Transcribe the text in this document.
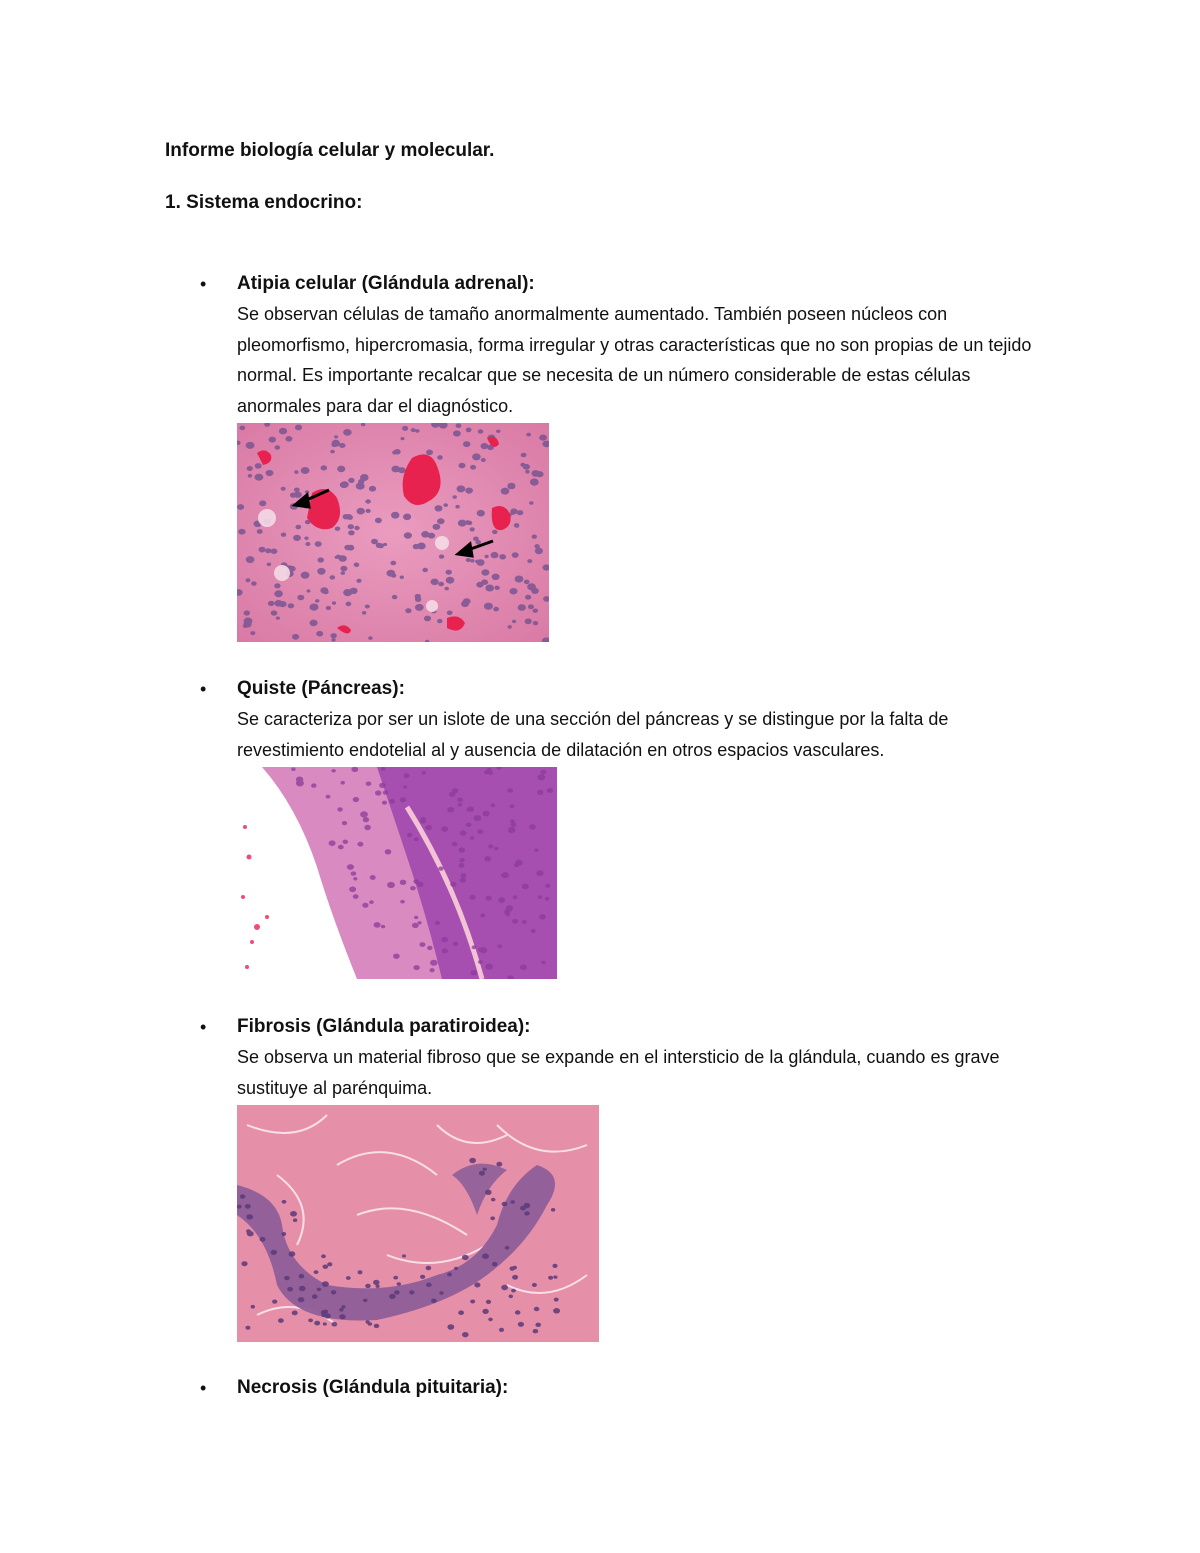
Informe biología celular y molecular.
1. Sistema endocrino:
•	Atipia celular (Glándula adrenal):

Se observan células de tamaño anormalmente aumentado. También poseen núcleos con pleomorfismo, hipercromasia, forma irregular y otras características que no son propias de un tejido normal. Es importante recalcar que se necesita de un número considerable de estas células anormales para dar el diagnóstico.

•	Quiste (Páncreas):

Se caracteriza por ser un islote de una sección del páncreas y se distingue por la falta de revestimiento endotelial al y ausencia de dilatación en otros espacios vasculares.

•	Fibrosis (Glándula paratiroidea):

Se observa un material fibroso que se expande en el intersticio de la glándula, cuando es grave sustituye al parénquima.

•	Necrosis (Glándula pituitaria):
